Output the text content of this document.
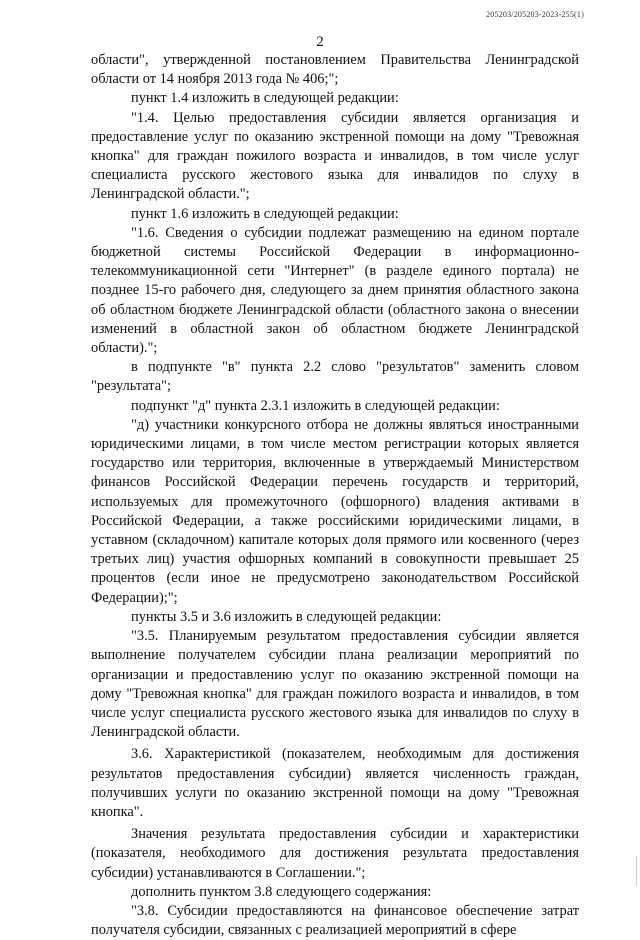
205203/205203-2023-255(1)
2

области", утвержденной постановлением Правительства Ленинградской области от 14 ноября 2013 года № 406;";

пункт 1.4 изложить в следующей редакции:

"1.4. Целью предоставления субсидии является организация и предоставление услуг по оказанию экстренной помощи на дому "Тревожная кнопка" для граждан пожилого возраста и инвалидов, в том числе услуг специалиста русского жестового языка для инвалидов по слуху в Ленинградской области.";

пункт 1.6 изложить в следующей редакции:

"1.6. Сведения о субсидии подлежат размещению на едином портале бюджетной системы Российской Федерации в информационно-телекоммуникационной сети "Интернет" (в разделе единого портала) не позднее 15-го рабочего дня, следующего за днем принятия областного закона об областном бюджете Ленинградской области (областного закона о внесении изменений в областной закон об областном бюджете Ленинградской области).";

в подпункте "в" пункта 2.2 слово "результатов" заменить словом "результата";

подпункт "д" пункта 2.3.1 изложить в следующей редакции:

"д) участники конкурсного отбора не должны являться иностранными юридическими лицами, в том числе местом регистрации которых является государство или территория, включенные в утверждаемый Министерством финансов Российской Федерации перечень государств и территорий, используемых для промежуточного (офшорного) владения активами в Российской Федерации, а также российскими юридическими лицами, в уставном (складочном) капитале которых доля прямого или косвенного (через третьих лиц) участия офшорных компаний в совокупности превышает 25 процентов (если иное не предусмотрено законодательством Российской Федерации);";

пункты 3.5 и 3.6 изложить в следующей редакции:

"3.5. Планируемым результатом предоставления субсидии является выполнение получателем субсидии плана реализации мероприятий по организации и предоставлению услуг по оказанию экстренной помощи на дому "Тревожная кнопка" для граждан пожилого возраста и инвалидов, в том числе услуг специалиста русского жестового языка для инвалидов по слуху в Ленинградской области.

3.6. Характеристикой (показателем, необходимым для достижения результатов предоставления субсидии) является численность граждан, получивших услуги по оказанию экстренной помощи на дому "Тревожная кнопка".

Значения результата предоставления субсидии и характеристики (показателя, необходимого для достижения результата предоставления субсидии) устанавливаются в Соглашении.";

дополнить пунктом 3.8 следующего содержания:

"3.8. Субсидии предоставляются на финансовое обеспечение затрат получателя субсидии, связанных с реализацией мероприятий в сфере
